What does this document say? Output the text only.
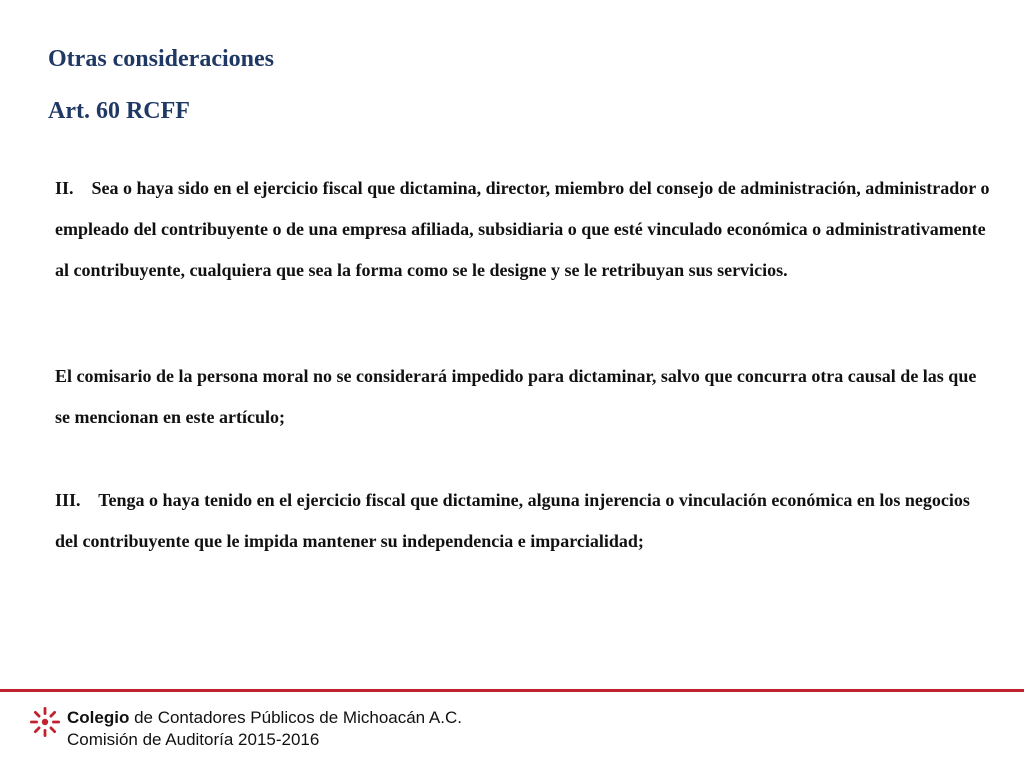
Otras consideraciones
Art. 60 RCFF

II. Sea o haya sido en el ejercicio fiscal que dictamina, director, miembro del consejo de administración, administrador o empleado del contribuyente o de una empresa afiliada, subsidiaria o que esté vinculado económica o administrativamente al contribuyente, cualquiera que sea la forma como se le designe y se le retribuyan sus servicios.

El comisario de la persona moral no se considerará impedido para dictaminar, salvo que concurra otra causal de las que se mencionan en este artículo;

III. Tenga o haya tenido en el ejercicio fiscal que dictamine, alguna injerencia o vinculación económica en los negocios del contribuyente que le impida mantener su independencia e imparcialidad;

Colegio de Contadores Públicos de Michoacán A.C.
Comisión de Auditoría 2015-2016
